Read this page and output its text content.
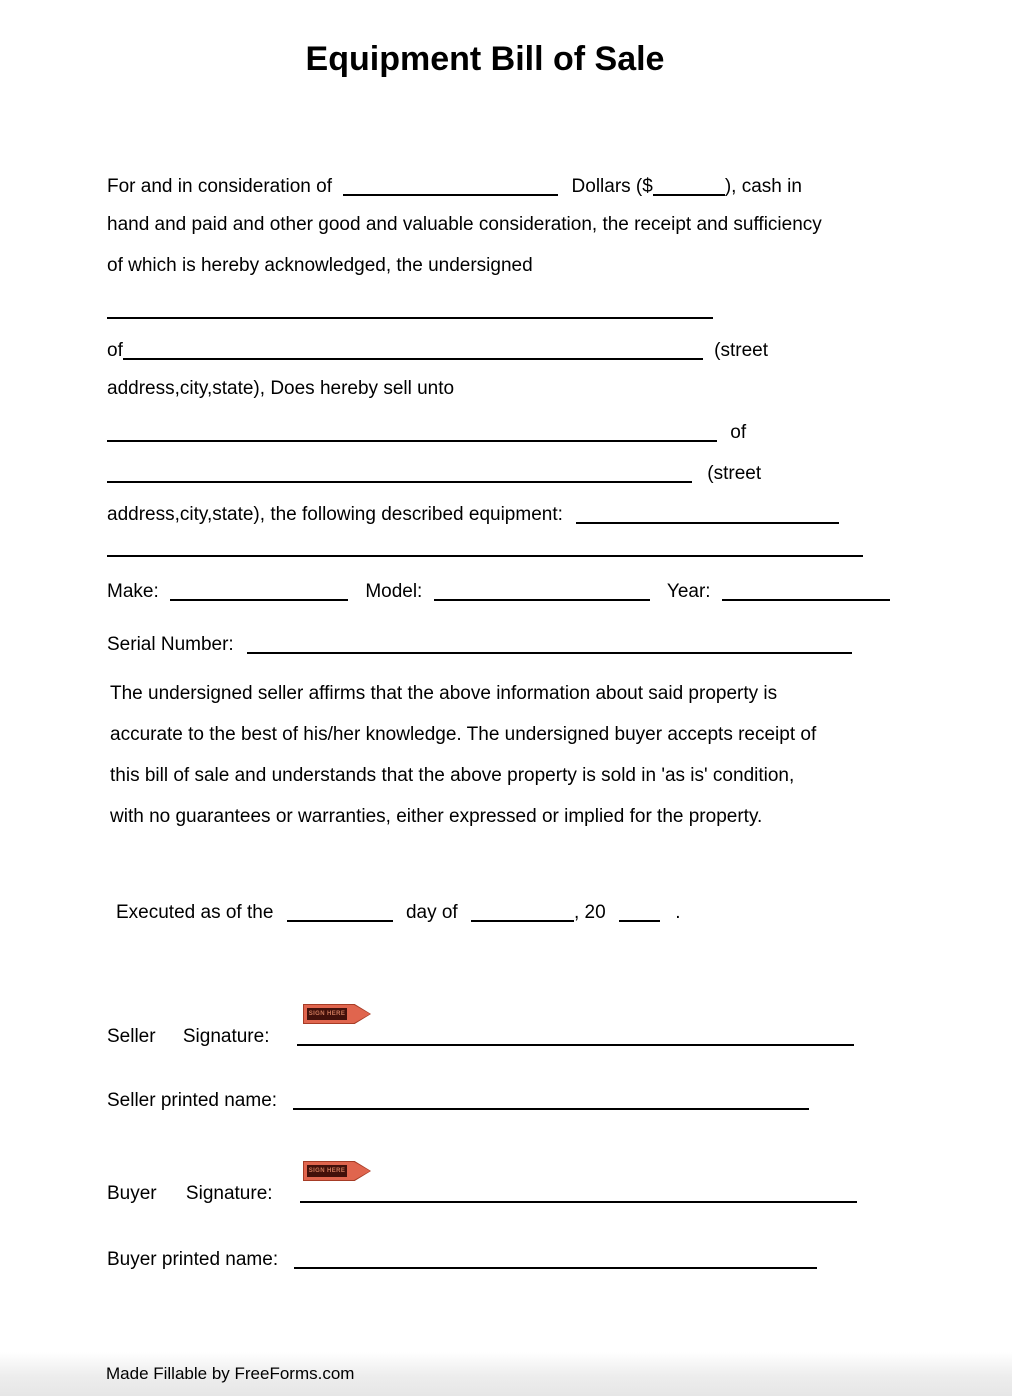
Equipment Bill of Sale
For and in consideration of	Dollars ($	), cash in
hand and paid and other good and valuable consideration, the receipt and sufficiency
of which is hereby acknowledged, the undersigned
of	(street
address,city,state), Does hereby sell unto
of
(street
address,city,state), the following described equipment:
Make:	Model:	Year:
Serial Number:
The undersigned seller affirms that the above information about said property is
accurate to the best of his/her knowledge. The undersigned buyer accepts receipt of
this bill of sale and understands that the above property is sold in 'as is' condition,
with no guarantees or warranties, either expressed or implied for the property.
Executed as of the	day of	, 20	.
SIGN HERE
Seller Signature:
Seller printed name:
SIGN HERE
Buyer Signature:
Buyer printed name:
Made Fillable by FreeForms.com
